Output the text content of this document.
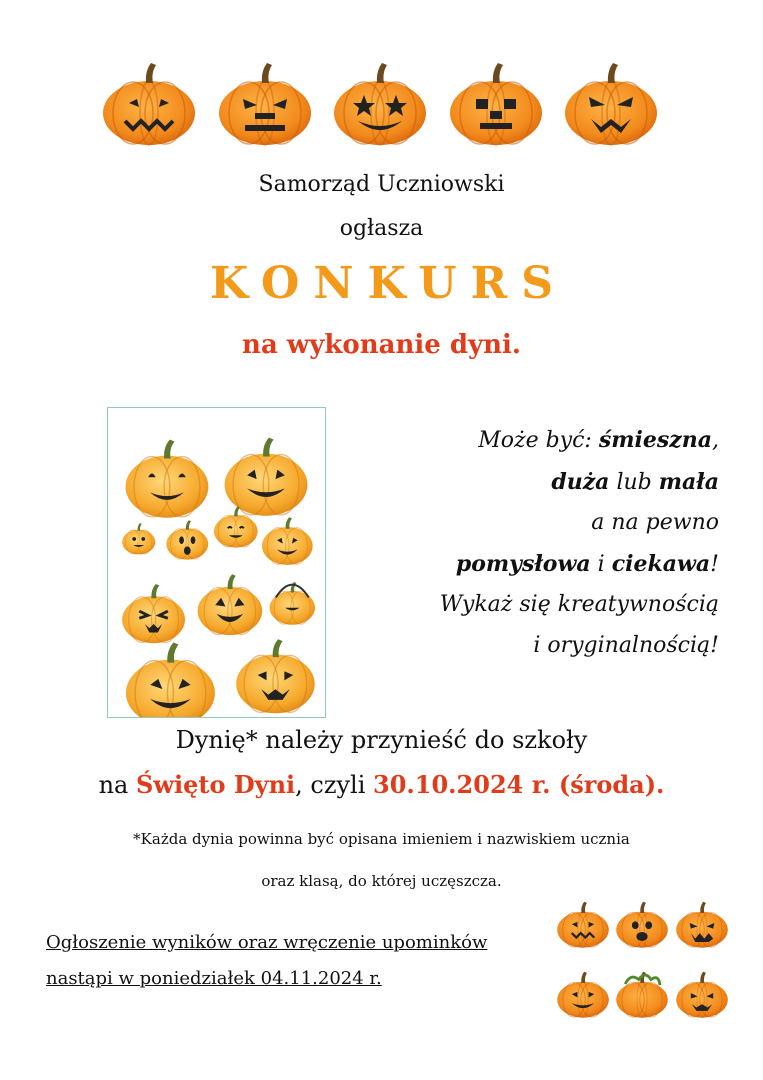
Samorząd Uczniowski
ogłasza
KONKURS
na wykonanie dyni.
Może być: śmieszna,
duża lub mała
a na pewno
pomysłowa i ciekawa!
Wykaż się kreatywnością
i oryginalnością!
Dynię* należy przynieść do szkoły
na Święto Dyni, czyli 30.10.2024 r. (środa).
*Każda dynia powinna być opisana imieniem i nazwiskiem ucznia
oraz klasą, do której uczęszcza.
Ogłoszenie wyników oraz wręczenie upominków
nastąpi w poniedziałek 04.11.2024 r.
